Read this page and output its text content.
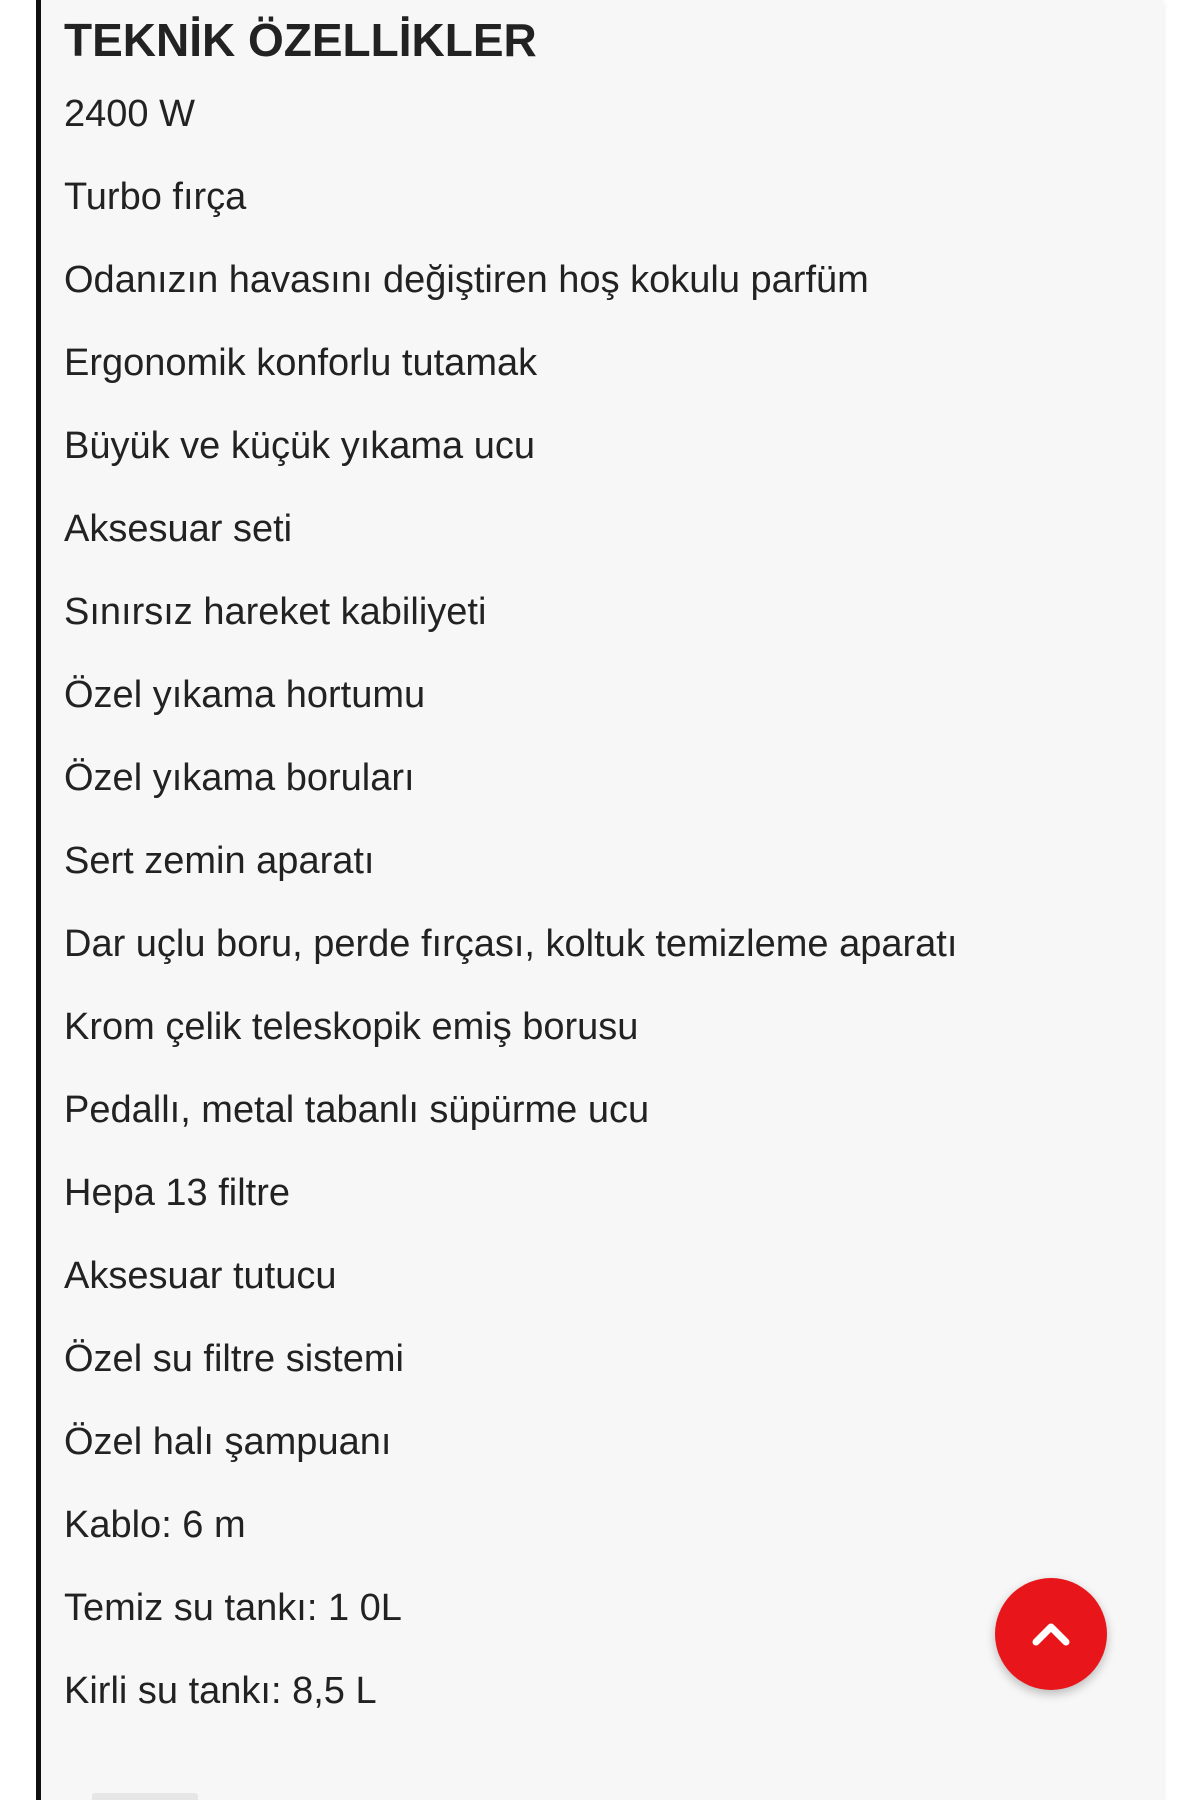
TEKNİK ÖZELLİKLER
2400 W
Turbo fırça
Odanızın havasını değiştiren hoş kokulu parfüm
Ergonomik konforlu tutamak
Büyük ve küçük yıkama ucu
Aksesuar seti
Sınırsız hareket kabiliyeti
Özel yıkama hortumu
Özel yıkama boruları
Sert zemin aparatı
Dar uçlu boru, perde fırçası, koltuk temizleme aparatı
Krom çelik teleskopik emiş borusu
Pedallı, metal tabanlı süpürme ucu
Hepa 13 filtre
Aksesuar tutucu
Özel su filtre sistemi
Özel halı şampuanı
Kablo: 6 m
Temiz su tankı: 1 0L
Kirli su tankı: 8,5 L
